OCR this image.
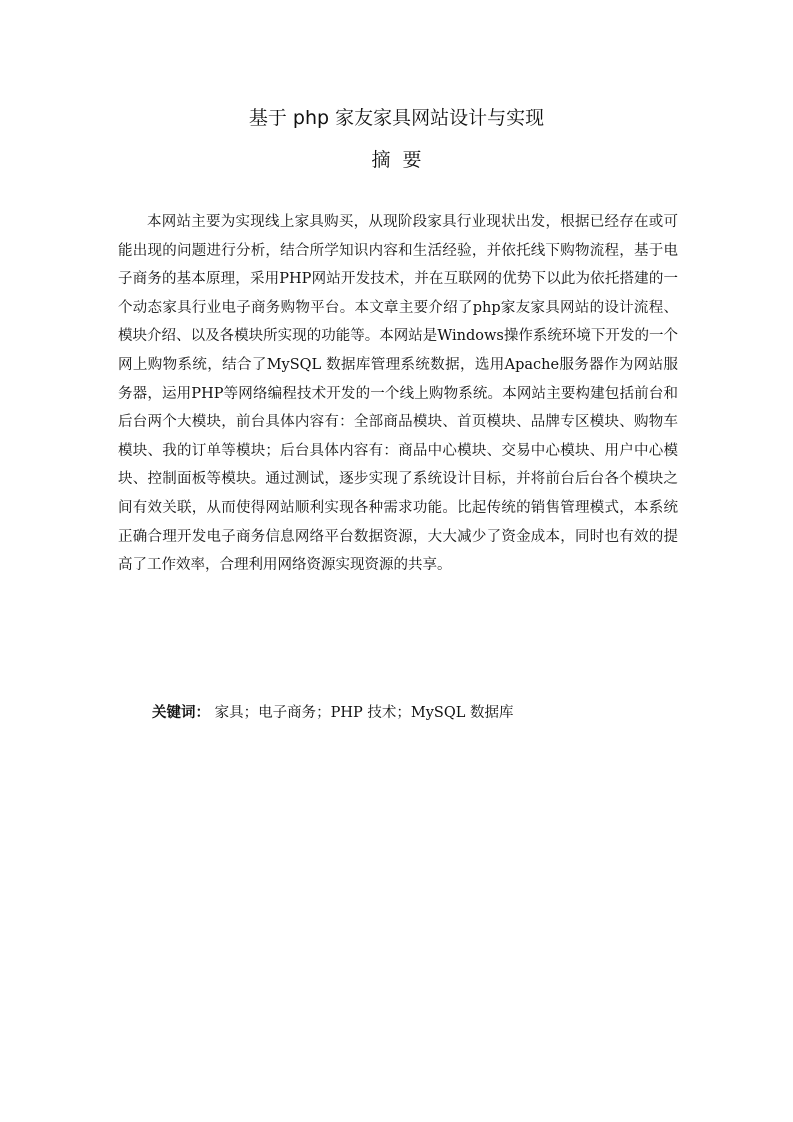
基于 php 家友家具网站设计与实现
摘要

本网站主要为实现线上家具购买，从现阶段家具行业现状出发，根据已经存在或可能出现的问题进行分析，结合所学知识内容和生活经验，并依托线下购物流程，基于电子商务的基本原理，采用PHP网站开发技术，并在互联网的优势下以此为依托搭建的一个动态家具行业电子商务购物平台。本文章主要介绍了php家友家具网站的设计流程、模块介绍、以及各模块所实现的功能等。本网站是Windows操作系统环境下开发的一个网上购物系统，结合了MySQL 数据库管理系统数据，选用Apache服务器作为网站服务器，运用PHP等网络编程技术开发的一个线上购物系统。本网站主要构建包括前台和后台两个大模块，前台具体内容有：全部商品模块、首页模块、品牌专区模块、购物车模块、我的订单等模块；后台具体内容有：商品中心模块、交易中心模块、用户中心模块、控制面板等模块。通过测试，逐步实现了系统设计目标，并将前台后台各个模块之间有效关联，从而使得网站顺利实现各种需求功能。比起传统的销售管理模式，本系统正确合理开发电子商务信息网络平台数据资源，大大减少了资金成本，同时也有效的提高了工作效率，合理利用网络资源实现资源的共享。

关键词： 家具；电子商务；PHP 技术；MySQL 数据库
